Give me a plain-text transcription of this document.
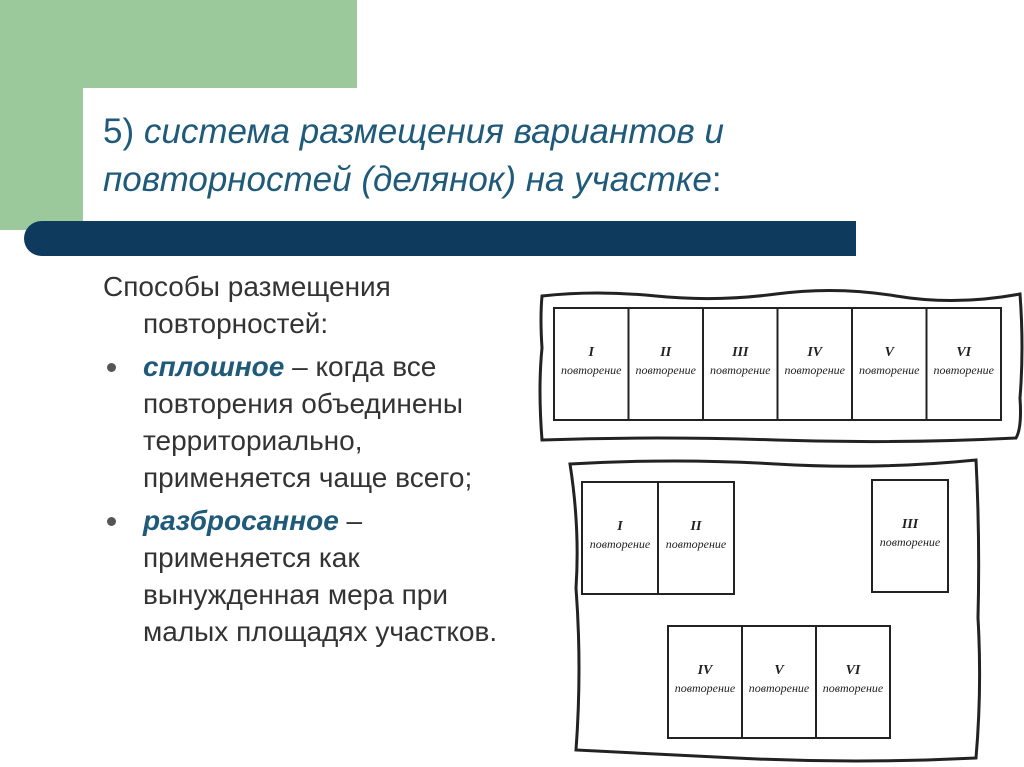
5) система размещения вариантов и повторностей (делянок) на участке:

Способы размещения

повторностей:

сплошное – когда все повторения объединены территориально, применяется чаще всего;
разбросанное – применяется как вынужденная мера при малых площадях участков.
I
повторение
II
повторение
III
повторение
IV
повторение
V
повторение
VI
повторение
I
повторение
II
повторение
III
повторение
IV
повторение
V
повторение
VI
повторение
